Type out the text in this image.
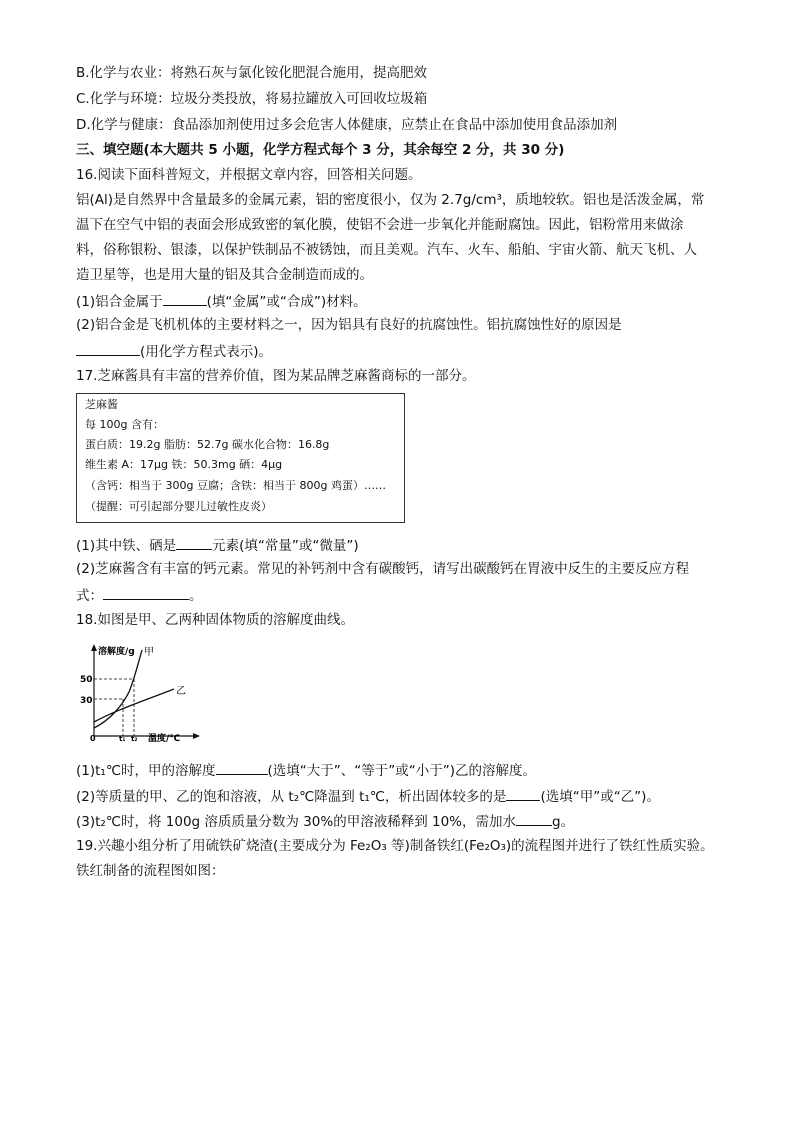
B.化学与农业：将熟石灰与氯化铵化肥混合施用，提高肥效
C.化学与环境：垃圾分类投放，将易拉罐放入可回收垃圾箱
D.化学与健康：食品添加剂使用过多会危害人体健康，应禁止在食品中添加使用食品添加剂
三、填空题(本大题共 5 小题，化学方程式每个 3 分，其余每空 2 分，共 30 分)
16.阅读下面科普短文，并根据文章内容，回答相关问题。
铝(Al)是自然界中含量最多的金属元素，铝的密度很小，仅为 2.7g/cm³，质地较软。铝也是活泼金属，常
温下在空气中铝的表面会形成致密的氧化膜，使铝不会进一步氧化并能耐腐蚀。因此，铝粉常用来做涂
料，俗称银粉、银漆，以保护铁制品不被锈蚀，而且美观。汽车、火车、船舶、宇宙火箭、航天飞机、人
造卫星等，也是用大量的铝及其合金制造而成的。
(1)铝合金属于	(填“金属”或“合成”)材料。
(2)铝合金是飞机机体的主要材料之一，因为铝具有良好的抗腐蚀性。铝抗腐蚀性好的原因是
(用化学方程式表示)。
17.芝麻酱具有丰富的营养价值，图为某品牌芝麻酱商标的一部分。
芝麻酱
每 100g 含有：
蛋白质：19.2g 脂肪：52.7g 碳水化合物：16.8g
维生素 A：17μg 铁：50.3mg 硒：4μg
（含钙：相当于 300g 豆腐；含铁：相当于 800g 鸡蛋）……
（提醒：可引起部分婴儿过敏性皮炎）
(1)其中铁、硒是	元素(填“常量”或“微量”)
(2)芝麻酱含有丰富的钙元素。常见的补钙剂中含有碳酸钙，请写出碳酸钙在胃液中反生的主要反应方程
式：	。
18.如图是甲、乙两种固体物质的溶解度曲线。
溶解度/g
50
30
甲
乙
0	t₁ t₂ 温度/℃
(1)t₁℃时，甲的溶解度	(选填“大于”、“等于”或“小于”)乙的溶解度。
(2)等质量的甲、乙的饱和溶液，从 t₂℃降温到 t₁℃，析出固体较多的是	(选填“甲”或“乙”)。
(3)t₂℃时，将 100g 溶质质量分数为 30%的甲溶液稀释到 10%，需加水	g。
19.兴趣小组分析了用硫铁矿烧渣(主要成分为 Fe₂O₃ 等)制备铁红(Fe₂O₃)的流程图并进行了铁红性质实验。
铁红制备的流程图如图：
